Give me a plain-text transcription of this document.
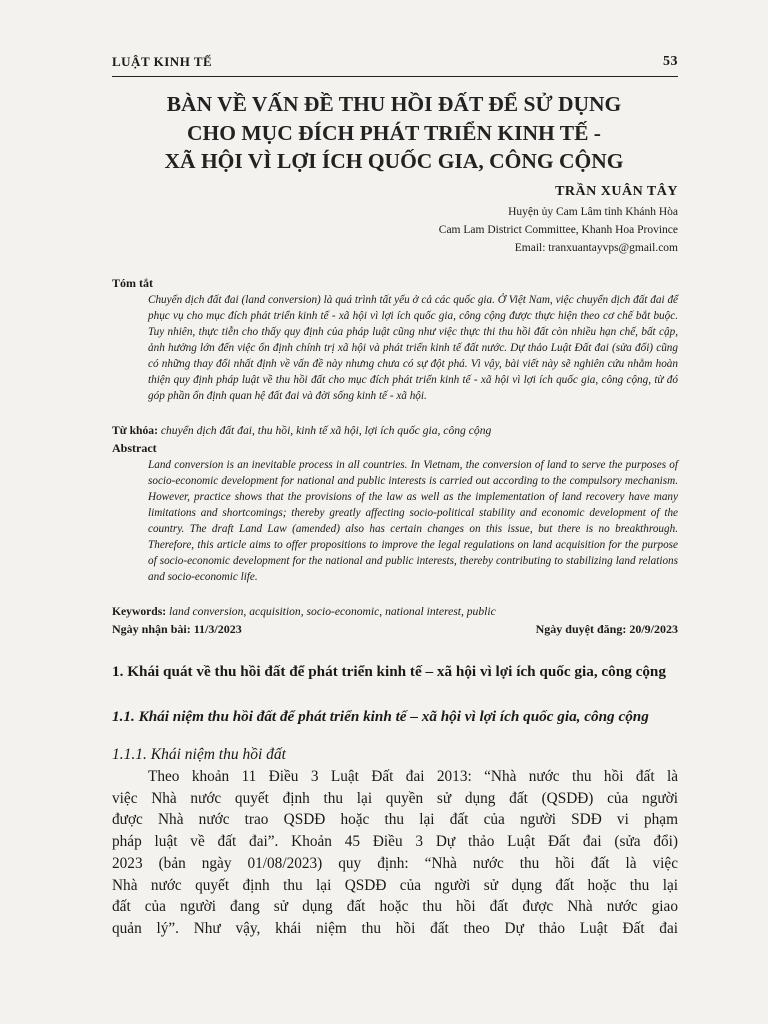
LUẬT KINH TẾ	53
BÀN VỀ VẤN ĐỀ THU HỒI ĐẤT ĐỂ SỬ DỤNG
CHO MỤC ĐÍCH PHÁT TRIỂN KINH TẾ -
XÃ HỘI VÌ LỢI ÍCH QUỐC GIA, CÔNG CỘNG
TRẦN XUÂN TÂY
Huyện ủy Cam Lâm tỉnh Khánh Hòa
Cam Lam District Committee, Khanh Hoa Province
Email: tranxuantayvps@gmail.com
Tóm tắt
Chuyển dịch đất đai (land conversion) là quá trình tất yếu ở cả các quốc gia. Ở Việt Nam, việc chuyển dịch đất đai để phục vụ cho mục đích phát triển kinh tế - xã hội vì lợi ích quốc gia, công cộng được thực hiện theo cơ chế bắt buộc. Tuy nhiên, thực tiễn cho thấy quy định của pháp luật cũng như việc thực thi thu hồi đất còn nhiều hạn chế, bất cập, ảnh hưởng lớn đến việc ổn định chính trị xã hội và phát triển kinh tế đất nước. Dự thảo Luật Đất đai (sửa đổi) cũng có những thay đổi nhất định về vấn đề này nhưng chưa có sự đột phá. Vì vậy, bài viết này sẽ nghiên cứu nhằm hoàn thiện quy định pháp luật về thu hồi đất cho mục đích phát triển kinh tế - xã hội vì lợi ích quốc gia, công cộng, từ đó góp phần ổn định quan hệ đất đai và đời sống kinh tế - xã hội.
Từ khóa: chuyển dịch đất đai, thu hồi, kinh tế xã hội, lợi ích quốc gia, công cộng
Abstract
Land conversion is an inevitable process in all countries. In Vietnam, the conversion of land to serve the purposes of socio-economic development for national and public interests is carried out according to the compulsory mechanism. However, practice shows that the provisions of the law as well as the implementation of land recovery have many limitations and shortcomings; thereby greatly affecting socio-political stability and economic development of the country. The draft Land Law (amended) also has certain changes on this issue, but there is no breakthrough. Therefore, this article aims to offer propositions to improve the legal regulations on land acquisition for the purpose of socio-economic development for the national and public interests, thereby contributing to stabilizing land relations and socio-economic life.
Keywords: land conversion, acquisition, socio-economic, national interest, public
Ngày nhận bài: 11/3/2023	Ngày duyệt đăng: 20/9/2023
1. Khái quát về thu hồi đất để phát triển kinh tế – xã hội vì lợi ích quốc gia, công cộng
1.1. Khái niệm thu hồi đất để phát triển kinh tế – xã hội vì lợi ích quốc gia, công cộng
1.1.1. Khái niệm thu hồi đất
Theo khoản 11 Điều 3 Luật Đất đai 2013: “Nhà nước thu hồi đất là
việc Nhà nước quyết định thu lại quyền sử dụng đất (QSDĐ) của người
được Nhà nước trao QSDĐ hoặc thu lại đất của người SDĐ vi phạm
pháp luật về đất đai”. Khoản 45 Điều 3 Dự thảo Luật Đất đai (sửa đổi)
2023 (bản ngày 01/08/2023) quy định: “Nhà nước thu hồi đất là việc
Nhà nước quyết định thu lại QSDĐ của người sử dụng đất hoặc thu lại
đất của người đang sử dụng đất hoặc thu hồi đất được Nhà nước giao
quản lý”. Như vậy, khái niệm thu hồi đất theo Dự thảo Luật Đất đai
